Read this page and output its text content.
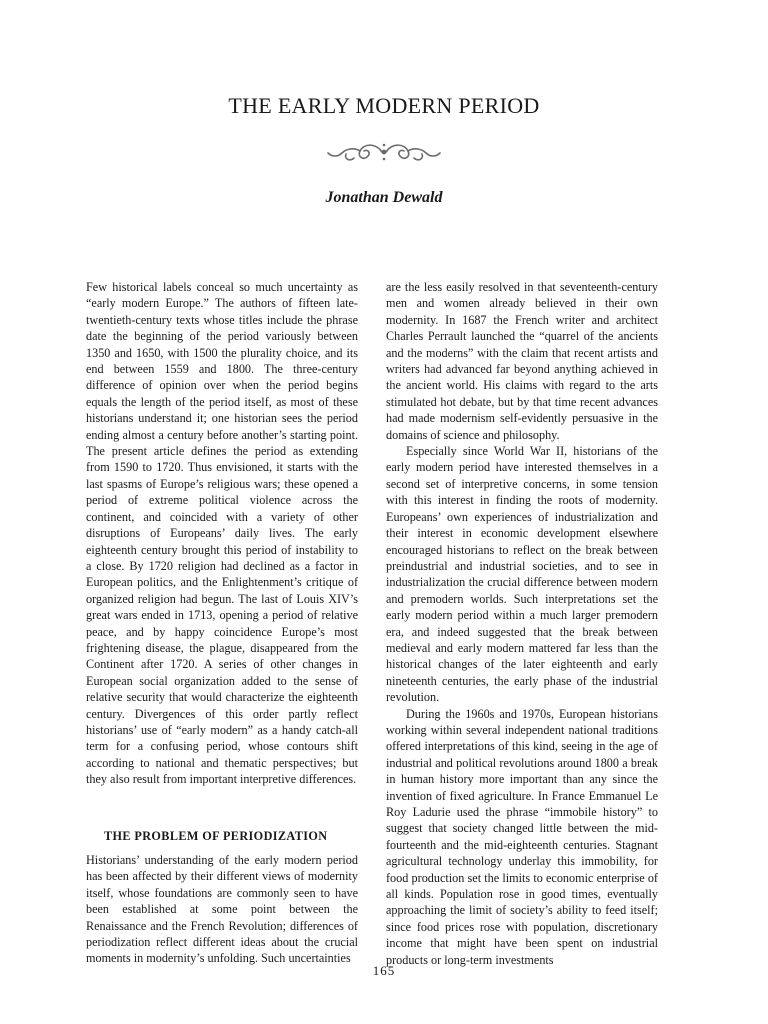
THE EARLY MODERN PERIOD

Jonathan Dewald

Few historical labels conceal so much uncertainty as “early modern Europe.” The authors of fifteen late-twentieth-century texts whose titles include the phrase date the beginning of the period variously between 1350 and 1650, with 1500 the plurality choice, and its end between 1559 and 1800. The three-century difference of opinion over when the period begins equals the length of the period itself, as most of these historians understand it; one historian sees the period ending almost a century before another’s starting point. The present article defines the period as extending from 1590 to 1720. Thus envisioned, it starts with the last spasms of Europe’s religious wars; these opened a period of extreme political violence across the continent, and coincided with a variety of other disruptions of Europeans’ daily lives. The early eighteenth century brought this period of instability to a close. By 1720 religion had declined as a factor in European politics, and the Enlightenment’s critique of organized religion had begun. The last of Louis XIV’s great wars ended in 1713, opening a period of relative peace, and by happy coincidence Europe’s most frightening disease, the plague, disappeared from the Continent after 1720. A series of other changes in European social organization added to the sense of relative security that would characterize the eighteenth century. Divergences of this order partly reflect historians’ use of “early modern” as a handy catch-all term for a confusing period, whose contours shift according to national and thematic perspectives; but they also result from important interpretive differences.

THE PROBLEM OF PERIODIZATION

Historians’ understanding of the early modern period has been affected by their different views of modernity itself, whose foundations are commonly seen to have been established at some point between the Renaissance and the French Revolution; differences of periodization reflect different ideas about the crucial moments in modernity’s unfolding. Such uncertainties

are the less easily resolved in that seventeenth-century men and women already believed in their own modernity. In 1687 the French writer and architect Charles Perrault launched the “quarrel of the ancients and the moderns” with the claim that recent artists and writers had advanced far beyond anything achieved in the ancient world. His claims with regard to the arts stimulated hot debate, but by that time recent advances had made modernism self-evidently persuasive in the domains of science and philosophy.

Especially since World War II, historians of the early modern period have interested themselves in a second set of interpretive concerns, in some tension with this interest in finding the roots of modernity. Europeans’ own experiences of industrialization and their interest in economic development elsewhere encouraged historians to reflect on the break between preindustrial and industrial societies, and to see in industrialization the crucial difference between modern and premodern worlds. Such interpretations set the early modern period within a much larger premodern era, and indeed suggested that the break between medieval and early modern mattered far less than the historical changes of the later eighteenth and early nineteenth centuries, the early phase of the industrial revolution.

During the 1960s and 1970s, European historians working within several independent national traditions offered interpretations of this kind, seeing in the age of industrial and political revolutions around 1800 a break in human history more important than any since the invention of fixed agriculture. In France Emmanuel Le Roy Ladurie used the phrase “immobile history” to suggest that society changed little between the mid-fourteenth and the mid-eighteenth centuries. Stagnant agricultural technology underlay this immobility, for food production set the limits to economic enterprise of all kinds. Population rose in good times, eventually approaching the limit of society’s ability to feed itself; since food prices rose with population, discretionary income that might have been spent on industrial products or long-term investments

165
